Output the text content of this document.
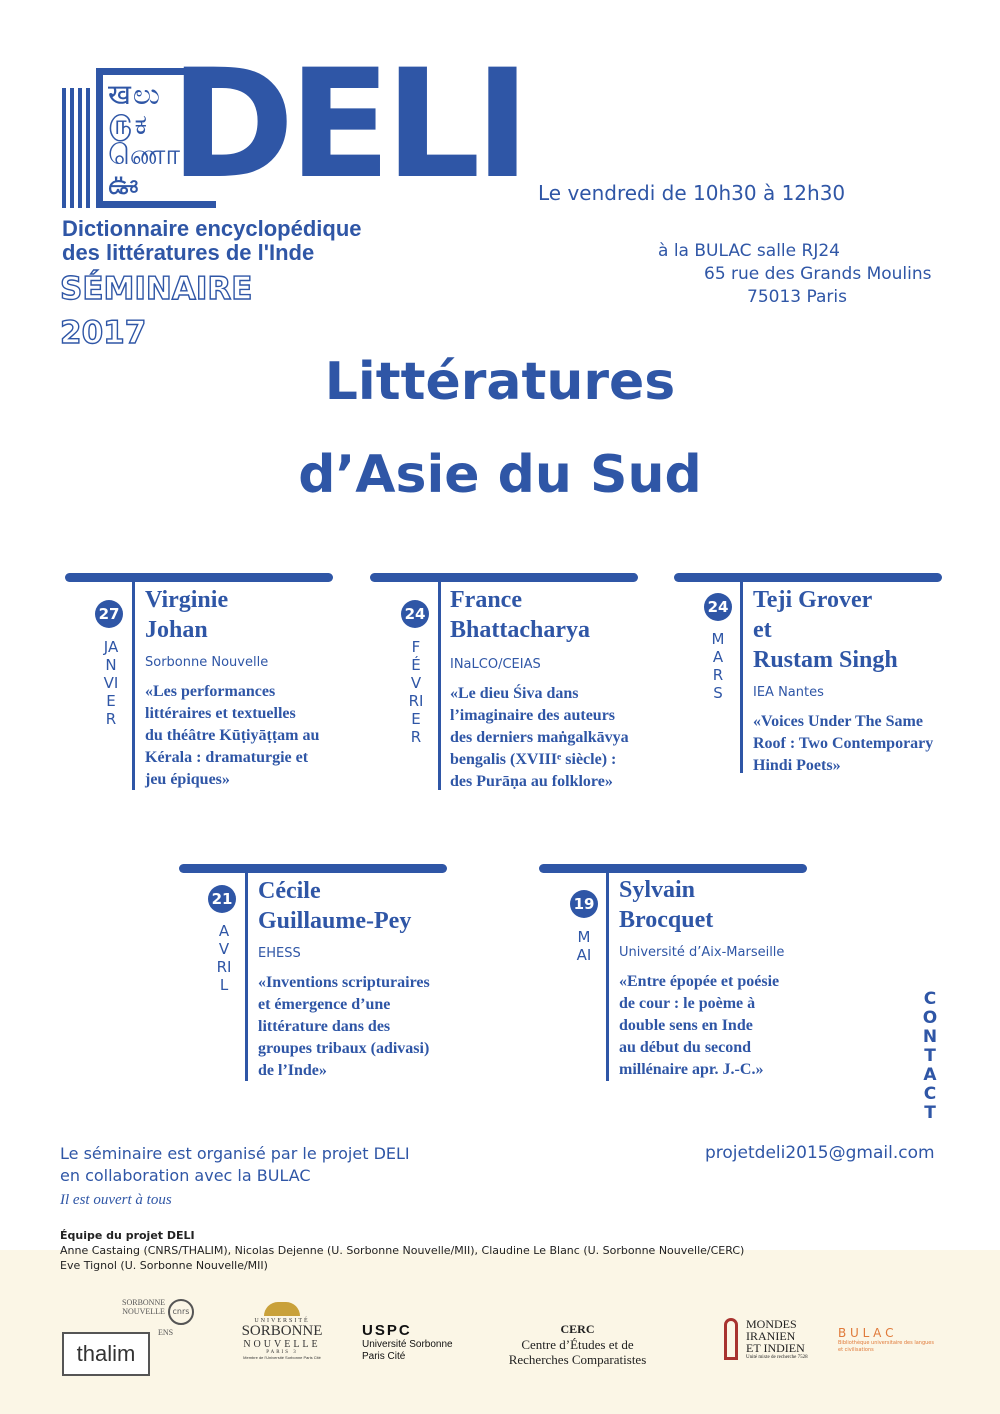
खಲು ௫ಕ ணொ ఊ DELI
Dictionnaire encyclopédique
des littératures de l'Inde
SÉMINAIRE
2017
Le vendredi de 10h30 à 12h30
à la BULAC salle RJ24
65 rue des Grands Moulins
75013 Paris
Littératures
d’Asie du Sud
27
JANVIER
Virginie
Johan
Sorbonne Nouvelle
«Les performances
littéraires et textuelles
du théâtre Kūṭiyāṭṭam au
Kérala : dramaturgie et
jeu épiques»
24
FÉVRIER
France
Bhattacharya
INaLCO/CEIAS
«Le dieu Śiva dans
l’imaginaire des auteurs
des derniers maṅgalkāvya
bengalis (XVIIIᵉ siècle) :
des Purāṇa au folklore»
24
MARS
Teji Grover
et
Rustam Singh
IEA Nantes
«Voices Under The Same
Roof : Two Contemporary
Hindi Poets»
21
AVRIL
Cécile
Guillaume-Pey
EHESS
«Inventions scripturaires
et émergence d’une
littérature dans des
groupes tribaux (adivasi)
de l’Inde»
19
MAI
Sylvain
Brocquet
Université d’Aix-Marseille
«Entre épopée et poésie
de cour : le poème à
double sens en Inde
au début du second
millénaire apr. J.-C.»
CONTACT
projetdeli2015@gmail.com
Le séminaire est organisé par le projet DELI
en collaboration avec la BULAC
Il est ouvert à tous
Équipe du projet DELI
Anne Castaing (CNRS/THALIM), Nicolas Dejenne (U. Sorbonne Nouvelle/MII), Claudine Le Blanc (U. Sorbonne Nouvelle/CERC)
Eve Tignol (U. Sorbonne Nouvelle/MII)
SORBONNE
NOUVELLE cnrs
ENS
thalim
UNIVERSITÉ
SORBONNE
NOUVELLE
PARIS 3
Membre de l'Université Sorbonne Paris Cité
USPC
Université Sorbonne
Paris Cité
CERC
Centre d’Études et de
Recherches Comparatistes
MONDES
IRANIEN
ET INDIEN
Unité mixte de recherche 7528
B U L A C
Bibliothèque universitaire des langues et civilisations
